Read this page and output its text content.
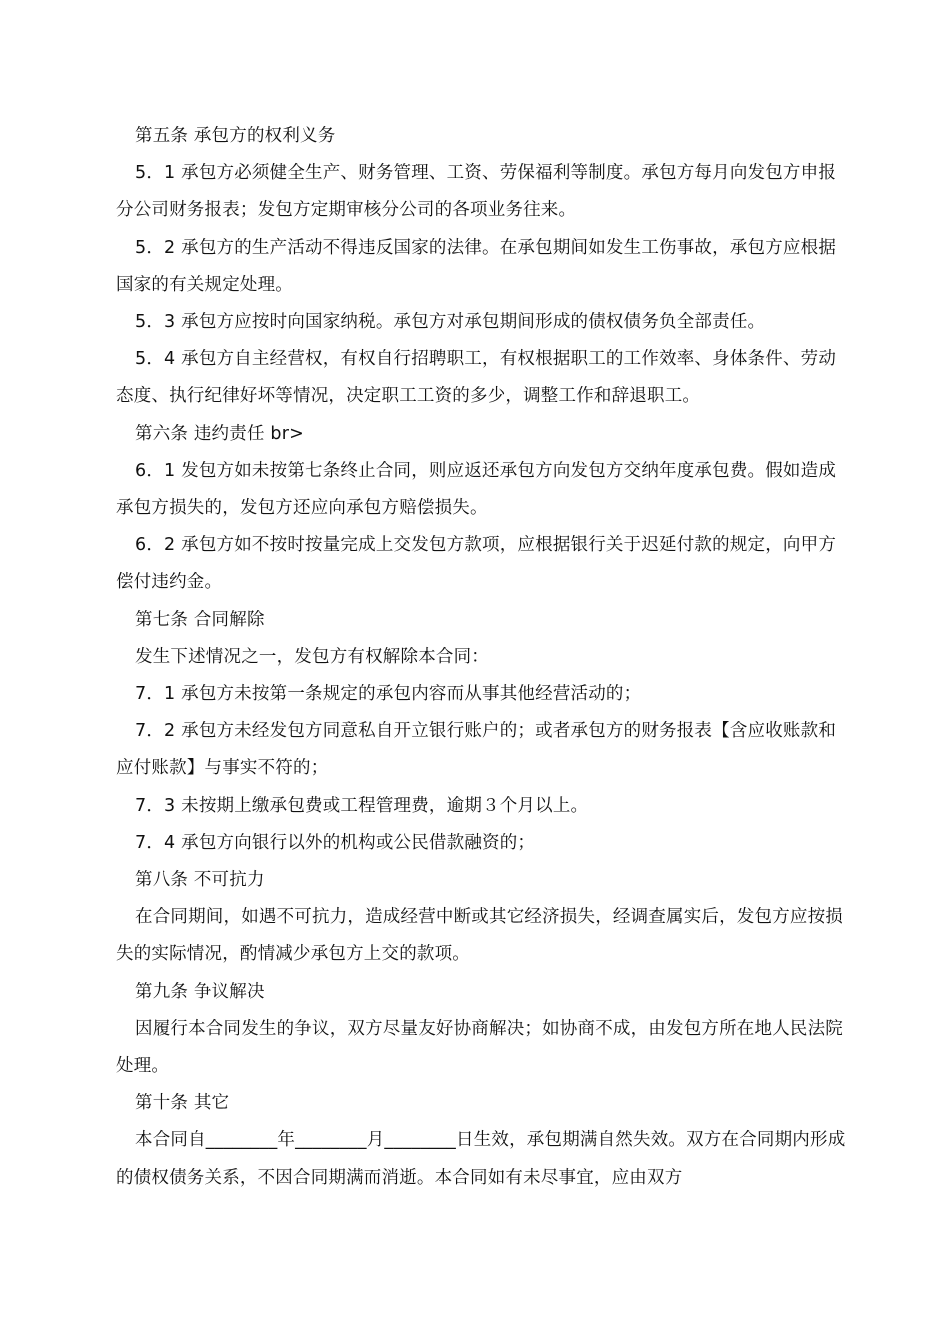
第五条 承包方的权利义务

5．1 承包方必须健全生产、财务管理、工资、劳保福利等制度。承包方每月向发包方申报分公司财务报表；发包方定期审核分公司的各项业务往来。

5．2 承包方的生产活动不得违反国家的法律。在承包期间如发生工伤事故，承包方应根据国家的有关规定处理。

5．3 承包方应按时向国家纳税。承包方对承包期间形成的债权债务负全部责任。

5．4 承包方自主经营权，有权自行招聘职工，有权根据职工的工作效率、身体条件、劳动态度、执行纪律好坏等情况，决定职工工资的多少，调整工作和辞退职工。

第六条 违约责任 br>

6．1 发包方如未按第七条终止合同，则应返还承包方向发包方交纳年度承包费。假如造成承包方损失的，发包方还应向承包方赔偿损失。

6．2 承包方如不按时按量完成上交发包方款项，应根据银行关于迟延付款的规定，向甲方偿付违约金。

第七条 合同解除

发生下述情况之一，发包方有权解除本合同：

7．1 承包方未按第一条规定的承包内容而从事其他经营活动的；

7．2 承包方未经发包方同意私自开立银行账户的；或者承包方的财务报表【含应收账款和应付账款】与事实不符的；

7．3 未按期上缴承包费或工程管理费，逾期３个月以上。

7．4 承包方向银行以外的机构或公民借款融资的；

第八条 不可抗力

在合同期间，如遇不可抗力，造成经营中断或其它经济损失，经调查属实后，发包方应按损失的实际情况，酌情减少承包方上交的款项。

第九条 争议解决

因履行本合同发生的争议，双方尽量友好协商解决；如协商不成，由发包方所在地人民法院处理。

第十条 其它

本合同自________年________月________日生效，承包期满自然失效。双方在合同期内形成的债权债务关系，不因合同期满而消逝。本合同如有未尽事宜，应由双方
